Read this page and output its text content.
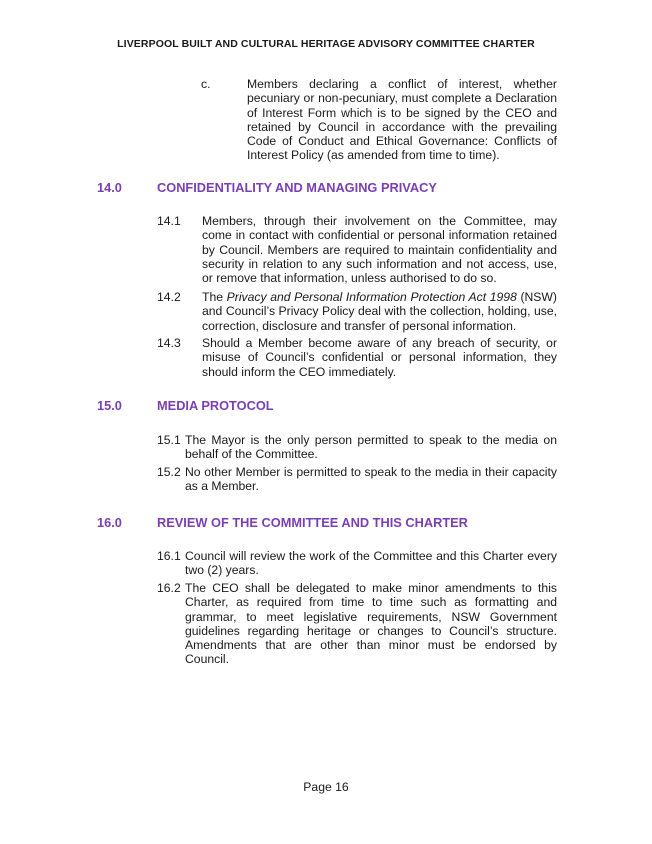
LIVERPOOL BUILT AND CULTURAL HERITAGE ADVISORY COMMITTEE CHARTER
c.	Members declaring a conflict of interest, whether pecuniary or non-pecuniary, must complete a Declaration of Interest Form which is to be signed by the CEO and retained by Council in accordance with the prevailing Code of Conduct and Ethical Governance: Conflicts of Interest Policy (as amended from time to time).
14.0	CONFIDENTIALITY AND MANAGING PRIVACY
14.1 Members, through their involvement on the Committee, may come in contact with confidential or personal information retained by Council. Members are required to maintain confidentiality and security in relation to any such information and not access, use, or remove that information, unless authorised to do so.
14.2 The Privacy and Personal Information Protection Act 1998 (NSW) and Council’s Privacy Policy deal with the collection, holding, use, correction, disclosure and transfer of personal information.
14.3 Should a Member become aware of any breach of security, or misuse of Council’s confidential or personal information, they should inform the CEO immediately.
15.0	MEDIA PROTOCOL
15.1 The Mayor is the only person permitted to speak to the media on behalf of the Committee.
15.2 No other Member is permitted to speak to the media in their capacity as a Member.
16.0	REVIEW OF THE COMMITTEE AND THIS CHARTER
16.1 Council will review the work of the Committee and this Charter every two (2) years.
16.2 The CEO shall be delegated to make minor amendments to this Charter, as required from time to time such as formatting and grammar, to meet legislative requirements, NSW Government guidelines regarding heritage or changes to Council’s structure. Amendments that are other than minor must be endorsed by Council.
Page 16
